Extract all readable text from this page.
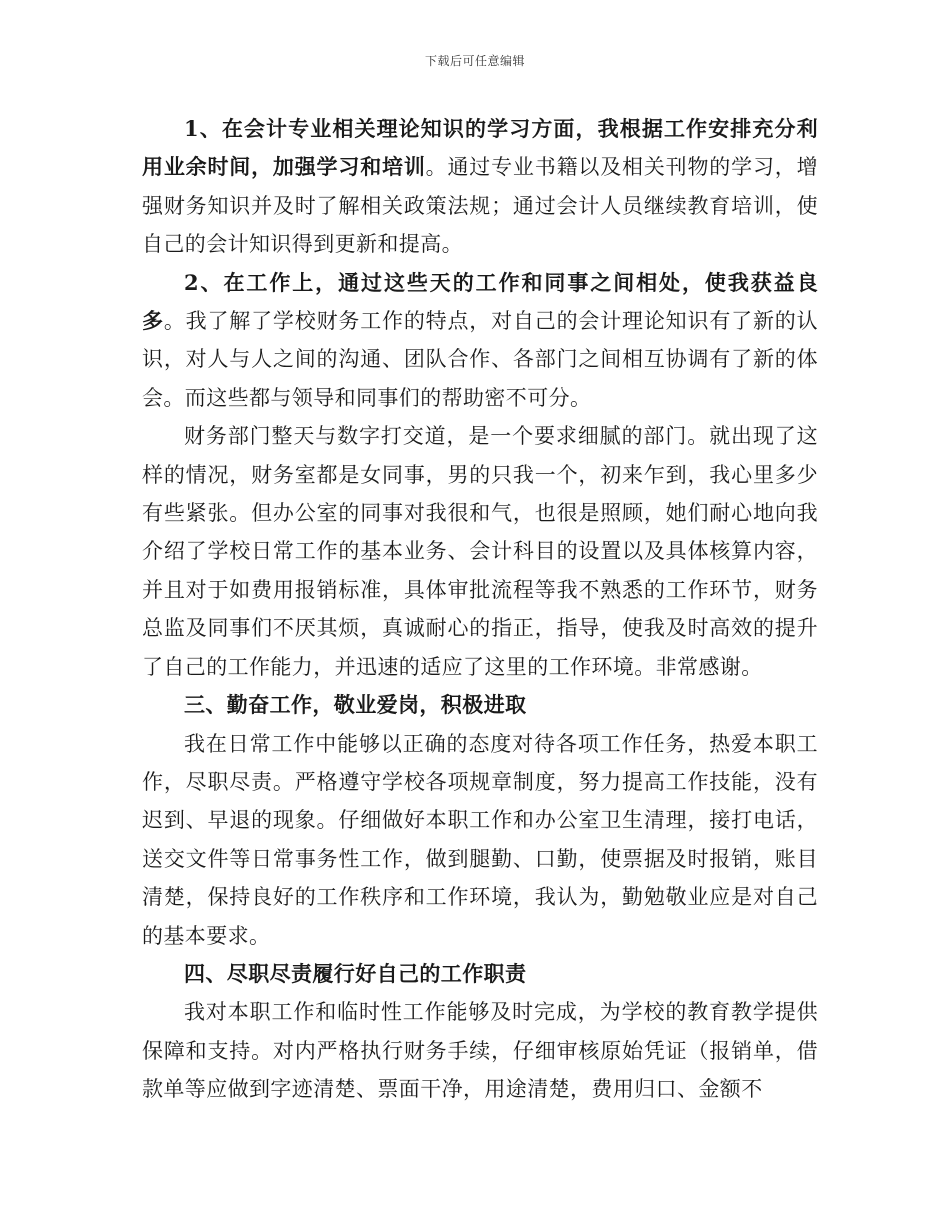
下载后可任意编辑

1、在会计专业相关理论知识的学习方面，我根据工作安排充分利用业余时间，加强学习和培训。通过专业书籍以及相关刊物的学习，增强财务知识并及时了解相关政策法规；通过会计人员继续教育培训，使自己的会计知识得到更新和提高。

2、在工作上，通过这些天的工作和同事之间相处，使我获益良多。我了解了学校财务工作的特点，对自己的会计理论知识有了新的认识，对人与人之间的沟通、团队合作、各部门之间相互协调有了新的体会。而这些都与领导和同事们的帮助密不可分。

财务部门整天与数字打交道，是一个要求细腻的部门。就出现了这样的情况，财务室都是女同事，男的只我一个，初来乍到，我心里多少有些紧张。但办公室的同事对我很和气，也很是照顾，她们耐心地向我介绍了学校日常工作的基本业务、会计科目的设置以及具体核算内容，并且对于如费用报销标准，具体审批流程等我不熟悉的工作环节，财务总监及同事们不厌其烦，真诚耐心的指正，指导，使我及时高效的提升了自己的工作能力，并迅速的适应了这里的工作环境。非常感谢。

三、勤奋工作，敬业爱岗，积极进取

我在日常工作中能够以正确的态度对待各项工作任务，热爱本职工作，尽职尽责。严格遵守学校各项规章制度，努力提高工作技能，没有迟到、早退的现象。仔细做好本职工作和办公室卫生清理，接打电话，送交文件等日常事务性工作，做到腿勤、口勤，使票据及时报销，账目清楚，保持良好的工作秩序和工作环境，我认为，勤勉敬业应是对自己的基本要求。

四、尽职尽责履行好自己的工作职责

我对本职工作和临时性工作能够及时完成，为学校的教育教学提供保障和支持。对内严格执行财务手续，仔细审核原始凭证（报销单，借款单等应做到字迹清楚、票面干净，用途清楚，费用归口、金额不
